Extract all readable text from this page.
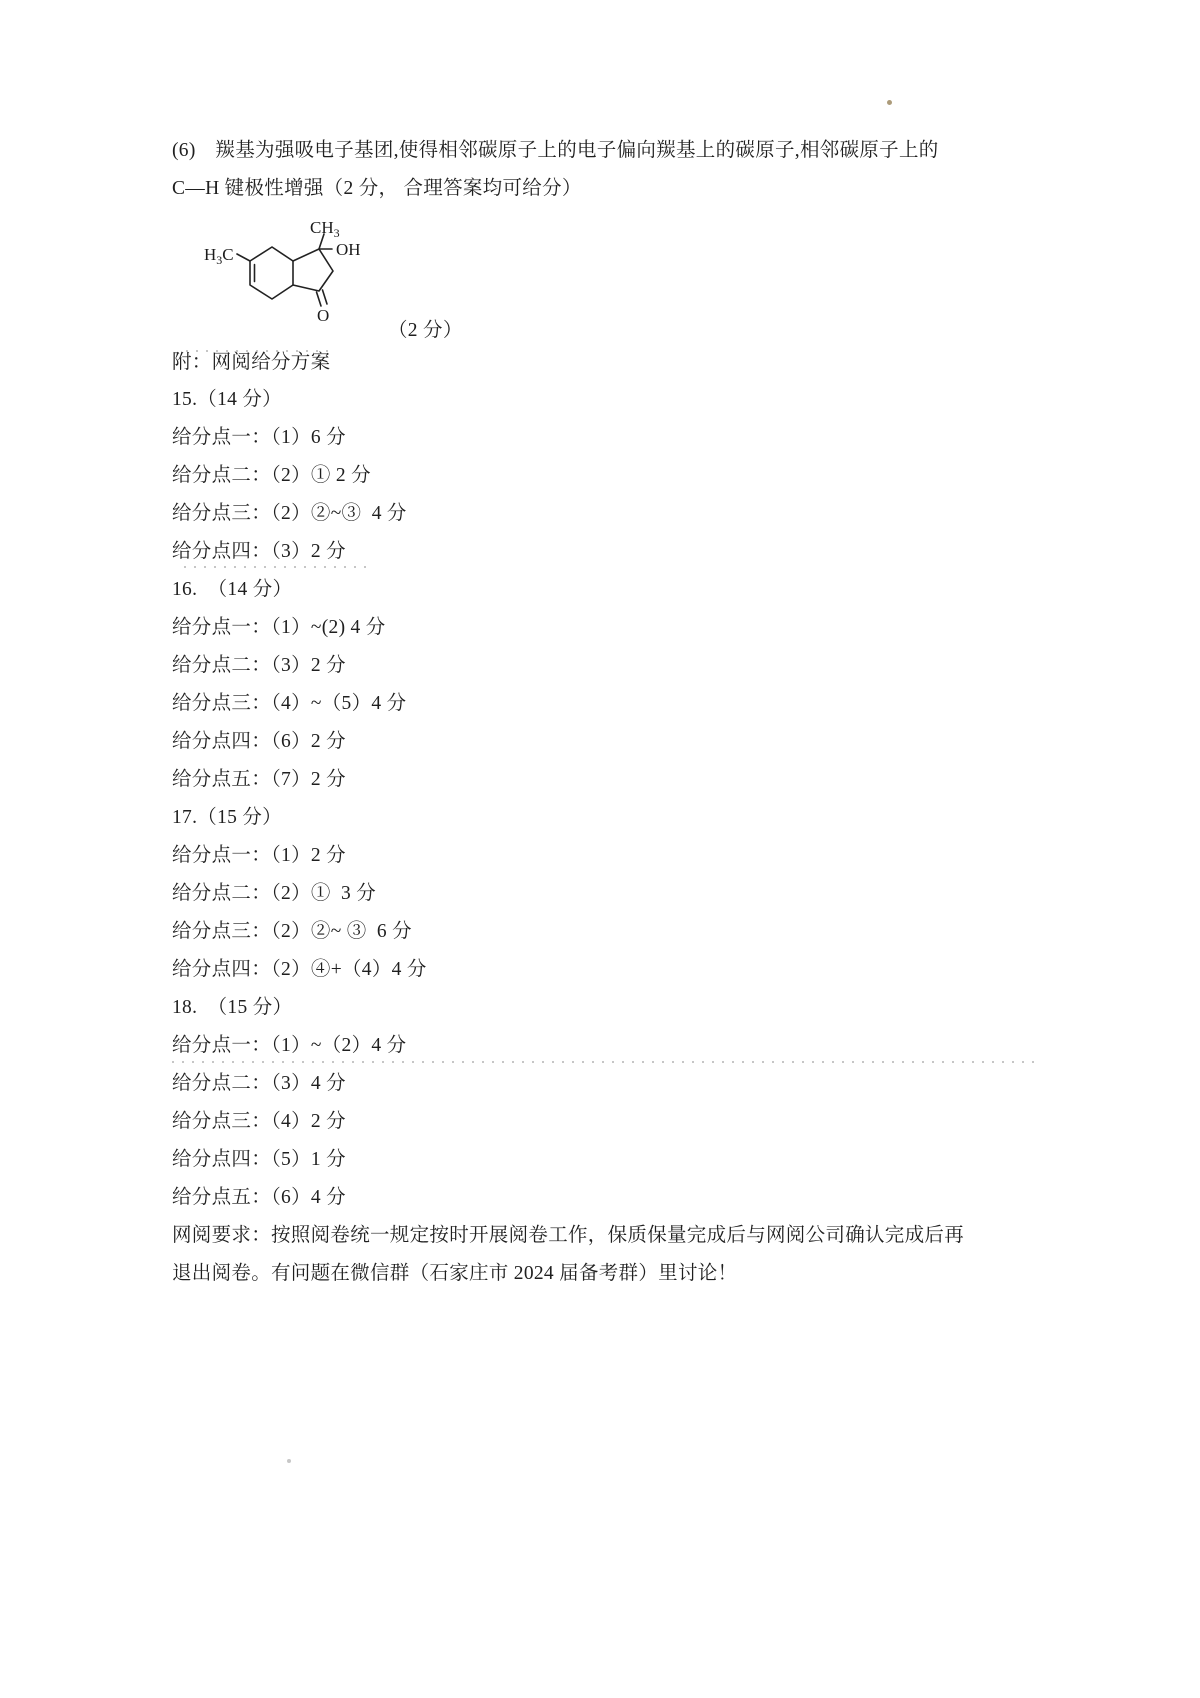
(6)　羰基为强吸电子基团,使得相邻碳原子上的电子偏向羰基上的碳原子,相邻碳原子上的
C—H 键极性增强（2 分， 合理答案均可给分）
$H_3C$
$CH_3$
OH
O
（2 分）
附：网阅给分方案
15.（14 分）
给分点一：（1）6 分
给分点二：（2）① 2 分
给分点三：（2）②~③  4 分
给分点四：（3）2 分
16.  （14 分）
给分点一：（1）~(2) 4 分
给分点二：（3）2 分
给分点三：（4）~（5）4 分
给分点四：（6）2 分
给分点五：（7）2 分
17.（15 分）
给分点一：（1）2 分
给分点二：（2）①  3 分
给分点三：（2）②~ ③  6 分
给分点四：（2）④+（4）4 分
18.  （15 分）
给分点一：（1）~（2）4 分
给分点二：（3）4 分
给分点三：（4）2 分
给分点四：（5）1 分
给分点五：（6）4 分
网阅要求：按照阅卷统一规定按时开展阅卷工作，保质保量完成后与网阅公司确认完成后再
退出阅卷。有问题在微信群（石家庄市 2024 届备考群）里讨论！
